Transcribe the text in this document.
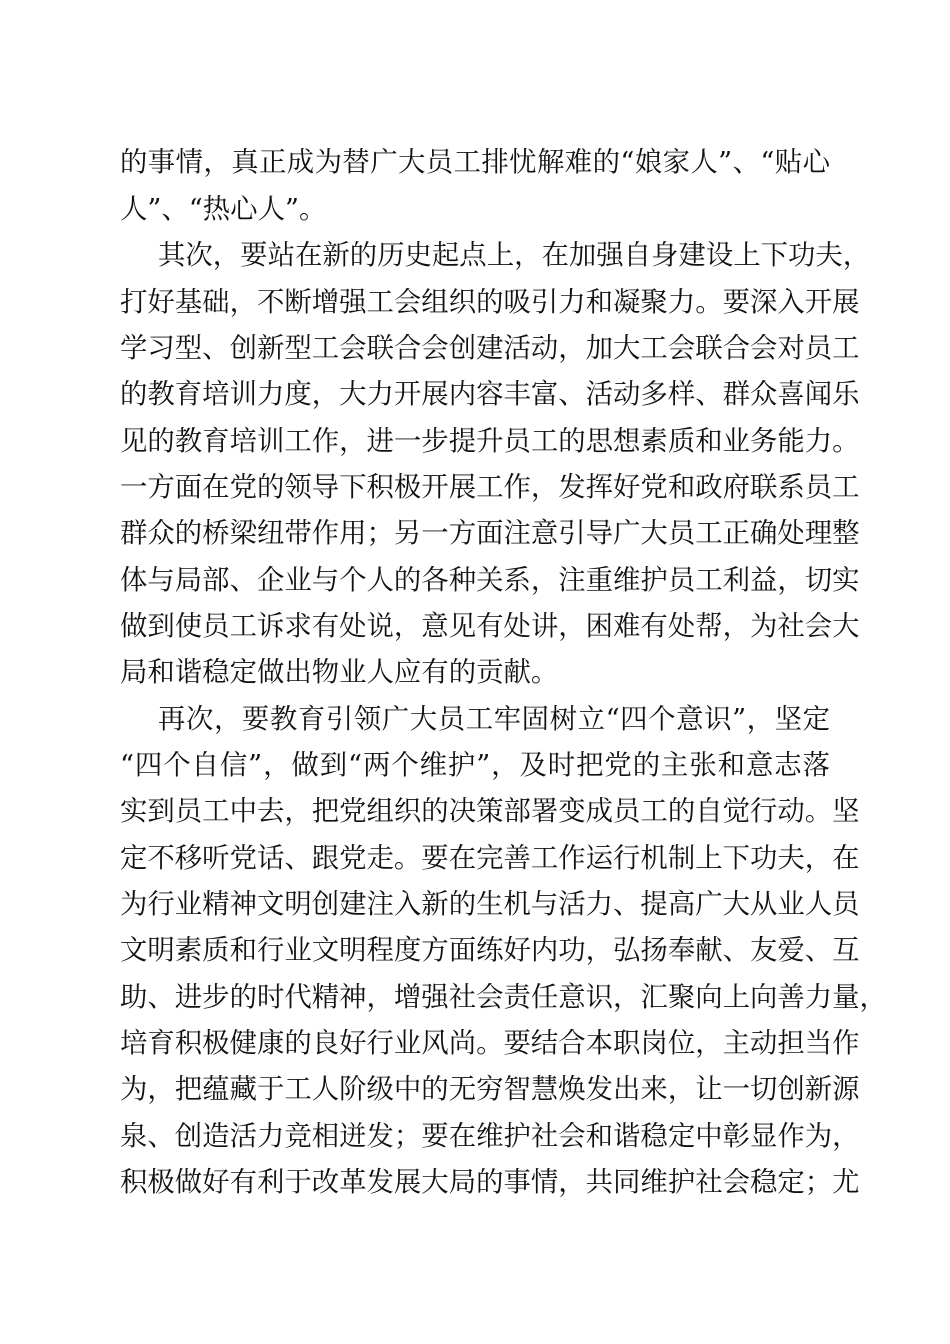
的事情，真正成为替广大员工排忧解难的“娘家人”、“贴心
人”、“热心人”。
其次，要站在新的历史起点上，在加强自身建设上下功夫，
打好基础，不断增强工会组织的吸引力和凝聚力。要深入开展
学习型、创新型工会联合会创建活动，加大工会联合会对员工
的教育培训力度，大力开展内容丰富、活动多样、群众喜闻乐
见的教育培训工作，进一步提升员工的思想素质和业务能力。
一方面在党的领导下积极开展工作，发挥好党和政府联系员工
群众的桥梁纽带作用；另一方面注意引导广大员工正确处理整
体与局部、企业与个人的各种关系，注重维护员工利益，切实
做到使员工诉求有处说，意见有处讲，困难有处帮，为社会大
局和谐稳定做出物业人应有的贡献。
再次，要教育引领广大员工牢固树立“四个意识”，坚定
“四个自信”，做到“两个维护”，及时把党的主张和意志落
实到员工中去，把党组织的决策部署变成员工的自觉行动。坚
定不移听党话、跟党走。要在完善工作运行机制上下功夫，在
为行业精神文明创建注入新的生机与活力、提高广大从业人员
文明素质和行业文明程度方面练好内功，弘扬奉献、友爱、互
助、进步的时代精神，增强社会责任意识，汇聚向上向善力量，
培育积极健康的良好行业风尚。要结合本职岗位，主动担当作
为，把蕴藏于工人阶级中的无穷智慧焕发出来，让一切创新源
泉、创造活力竞相迸发；要在维护社会和谐稳定中彰显作为，
积极做好有利于改革发展大局的事情，共同维护社会稳定；尤
